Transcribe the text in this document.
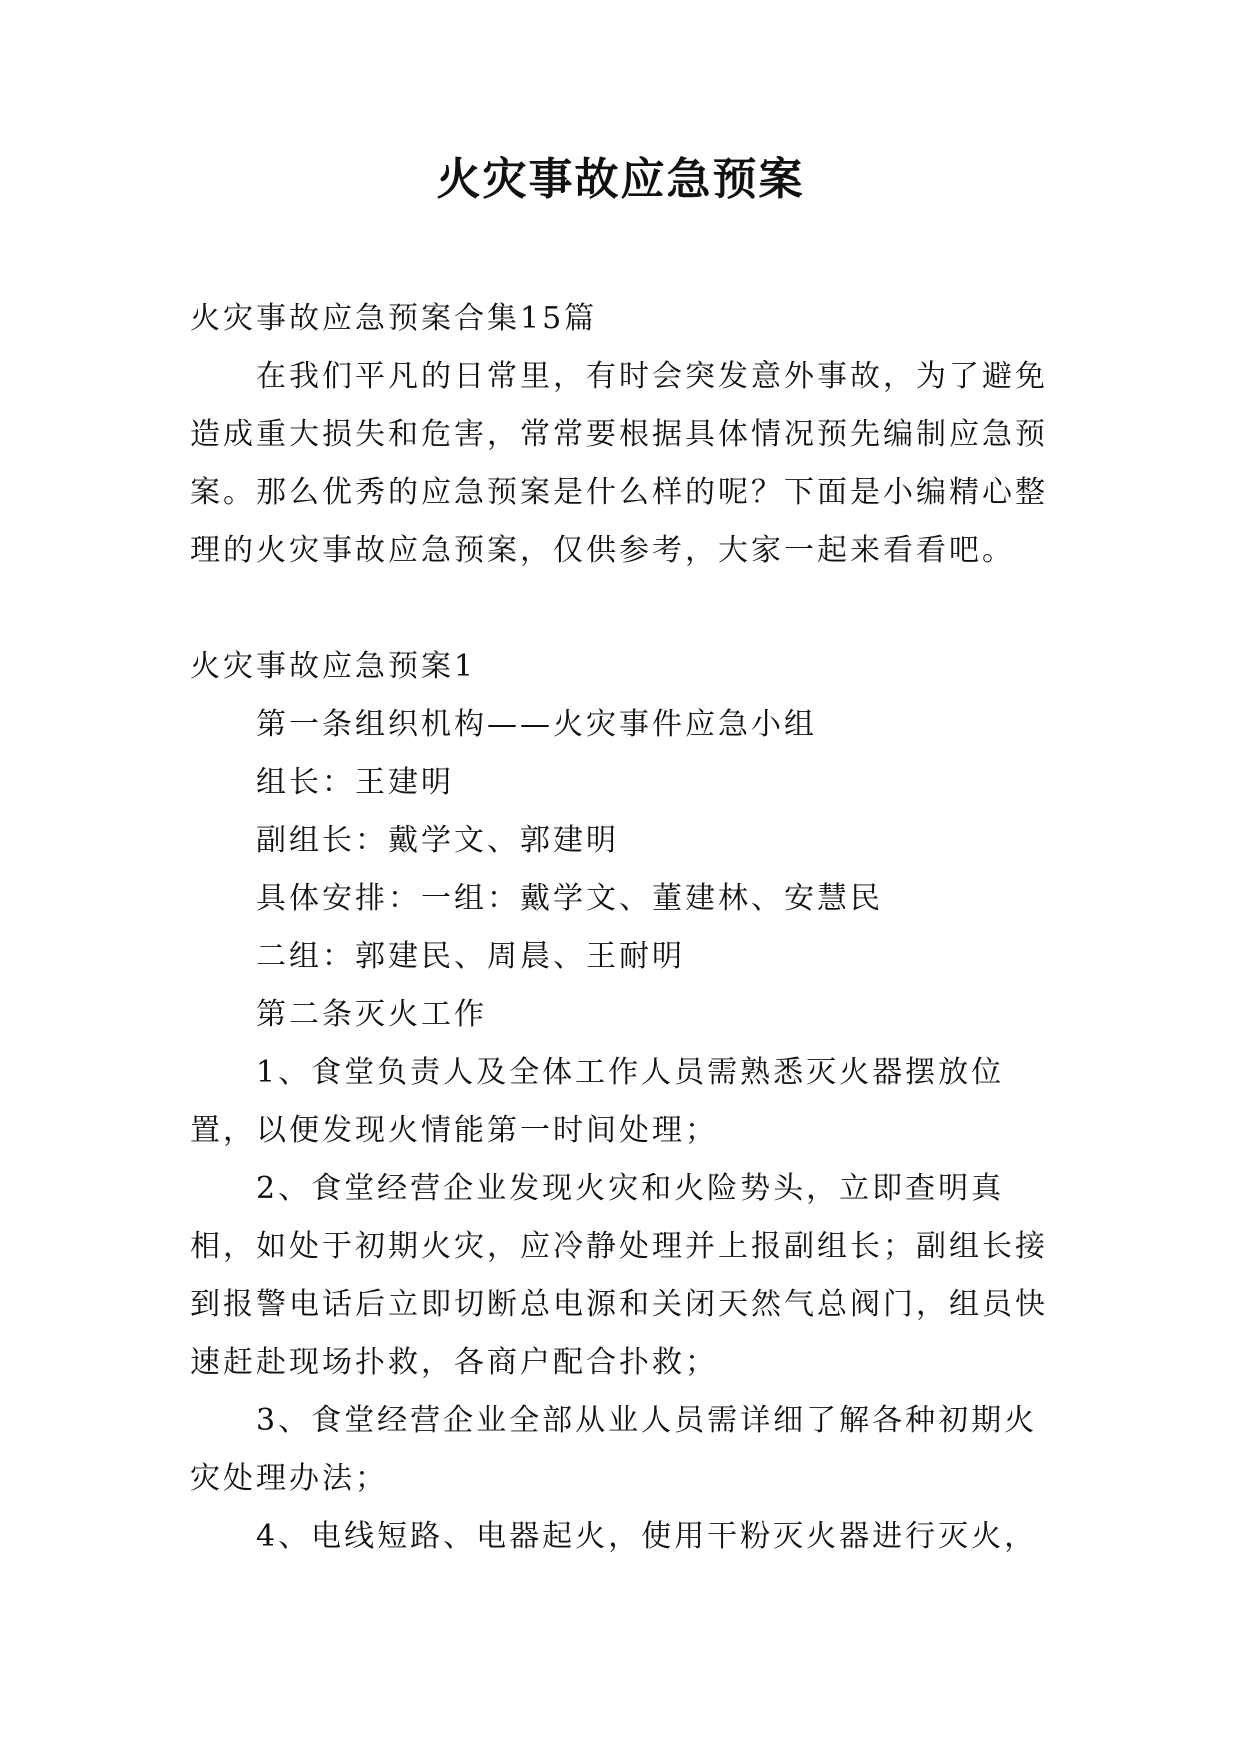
火灾事故应急预案

火灾事故应急预案合集15篇

在我们平凡的日常里，有时会突发意外事故，为了避免造成重大损失和危害，常常要根据具体情况预先编制应急预案。那么优秀的应急预案是什么样的呢？下面是小编精心整理的火灾事故应急预案，仅供参考，大家一起来看看吧。

火灾事故应急预案1

第一条组织机构——火灾事件应急小组

组长：王建明

副组长：戴学文、郭建明

具体安排：一组：戴学文、董建林、安慧民

二组：郭建民、周晨、王耐明

第二条灭火工作

1、食堂负责人及全体工作人员需熟悉灭火器摆放位置，以便发现火情能第一时间处理；

2、食堂经营企业发现火灾和火险势头，立即查明真相，如处于初期火灾，应冷静处理并上报副组长；副组长接到报警电话后立即切断总电源和关闭天然气总阀门，组员快速赶赴现场扑救，各商户配合扑救；

3、食堂经营企业全部从业人员需详细了解各种初期火灾处理办法；

4、电线短路、电器起火，使用干粉灭火器进行灭火，
